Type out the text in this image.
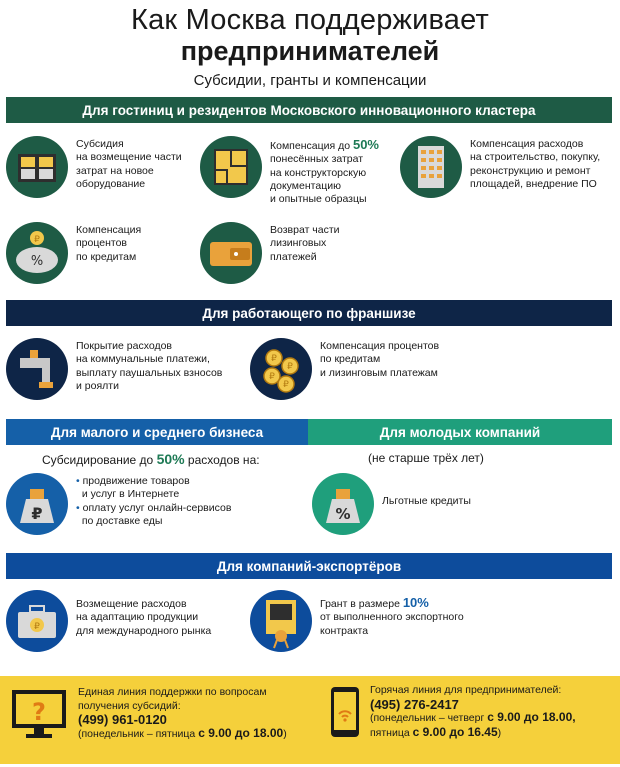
Как Москва поддерживает
предпринимателей
Субсидии, гранты и компенсации
Для гостиниц и резидентов Московского инновационного кластера
Субсидия
на возмещение части
затрат на новое
оборудование
Компенсация до 50%
понесённых затрат
на конструкторскую
документацию
и опытные образцы
Компенсация расходов
на строительство, покупку,
реконструкцию и ремонт
площадей, внедрение ПО
%
₽
Компенсация
процентов
по кредитам
Возврат части
лизинговых
платежей
Для работающего по франшизе
Покрытие расходов
на коммунальные платежи,
выплату паушальных взносов
и роялти
₽
₽
₽
₽
Компенсация процентов
по кредитам
и лизинговым платежам
Для малого и среднего бизнеса	Для молодых компаний
Субсидирование до 50% расходов на:	(не старше трёх лет)
₽
• продвижение товаров
и услуг в Интернете
• оплату услуг онлайн-сервисов
по доставке еды	%
Льготные кредиты
Для компаний-экспортёров
₽
Возмещение расходов
на адаптацию продукции
для международного рынка
Грант в размере 10%
от выполненного экспортного
контракта
?
Единая линия поддержки по вопросам
получения субсидий:
(499) 961-0120
(понедельник – пятница с 9.00 до 18.00)
Горячая линия для предпринимателей:
(495) 276-2417
(понедельник – четверг с 9.00 до 18.00,
пятница с 9.00 до 16.45)
